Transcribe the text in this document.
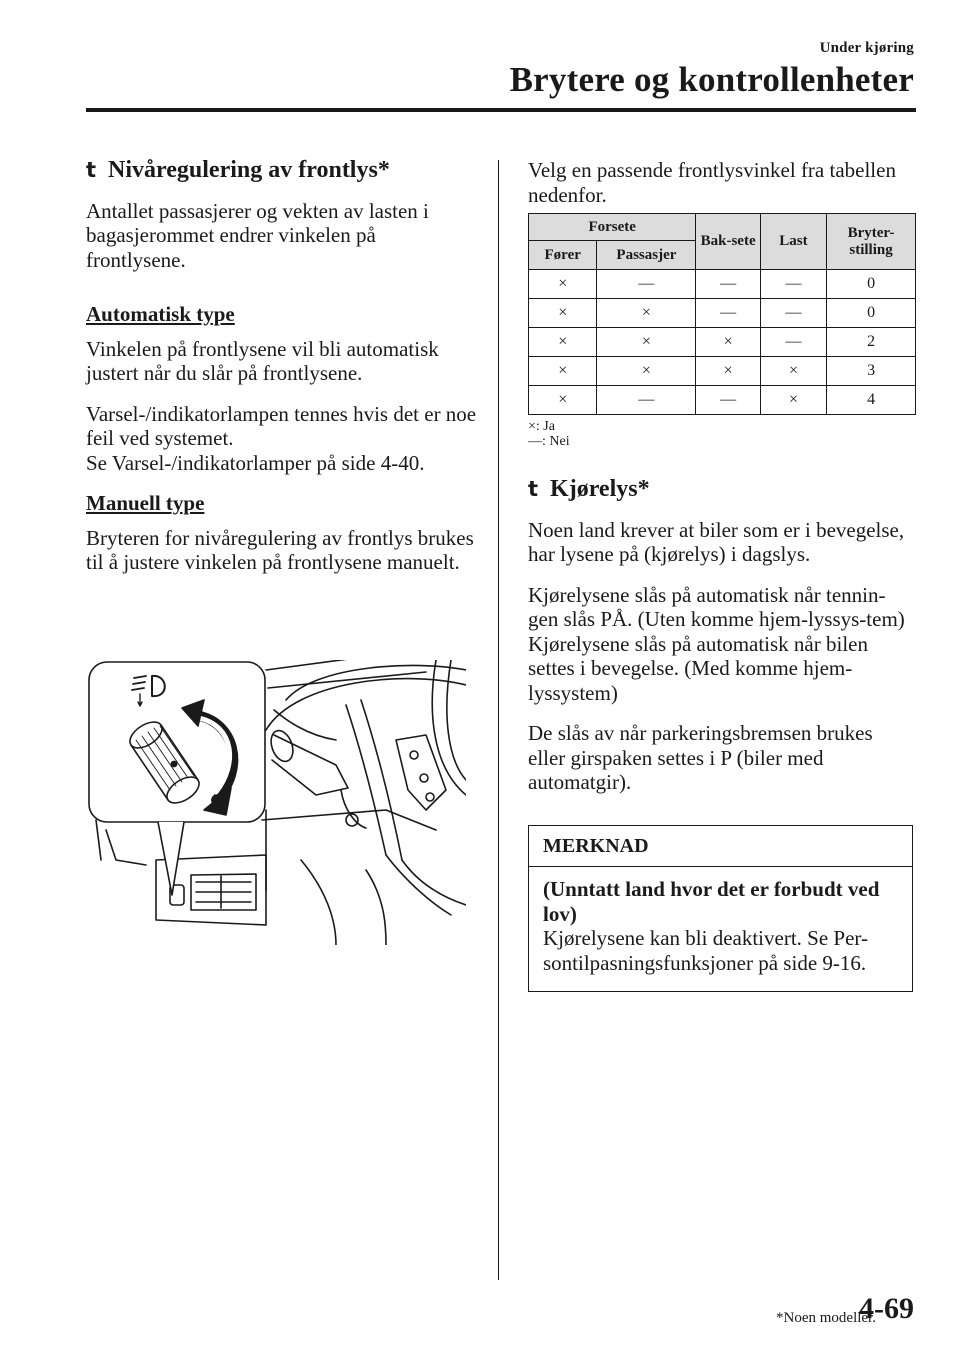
Under kjøring
Brytere og kontrollenheter
t Nivåregulering av frontlys*
Antallet passasjerer og vekten av lasten i bagasjerommet endrer vinkelen på frontlysene.
Automatisk type
Vinkelen på frontlysene vil bli automatisk justert når du slår på frontlysene.
Varsel-/indikatorlampen tennes hvis det er noe feil ved systemet.
Se Varsel-/indikatorlamper på side 4-40.
Manuell type
Bryteren for nivåregulering av frontlys brukes til å justere vinkelen på frontlysene manuelt.
Velg en passende frontlysvinkel fra tabellen nedenfor.
Forsete		Bak-sete	Last	Bryter-stilling
Fører	Passasjer			
×	—	—	—	0
×	×	—	—	0
×	×	×	—	2
×	×	×	×	3
×	—	—	×	4
×: Ja
—: Nei
t Kjørelys*
Noen land krever at biler som er i bevegelse, har lysene på (kjørelys) i dagslys.
Kjørelysene slås på automatisk når tennin-gen slås PÅ. (Uten komme hjem-lyssys-tem) Kjørelysene slås på automatisk når bilen settes i bevegelse. (Med komme hjem-lyssystem)
De slås av når parkeringsbremsen brukes eller girspaken settes i P (biler med automatgir).
MERKNAD
(Unntatt land hvor det er forbudt ved lov)
Kjørelysene kan bli deaktivert. Se Per-sontilpasningsfunksjoner på side 9-16.
*Noen modeller.
4-69
